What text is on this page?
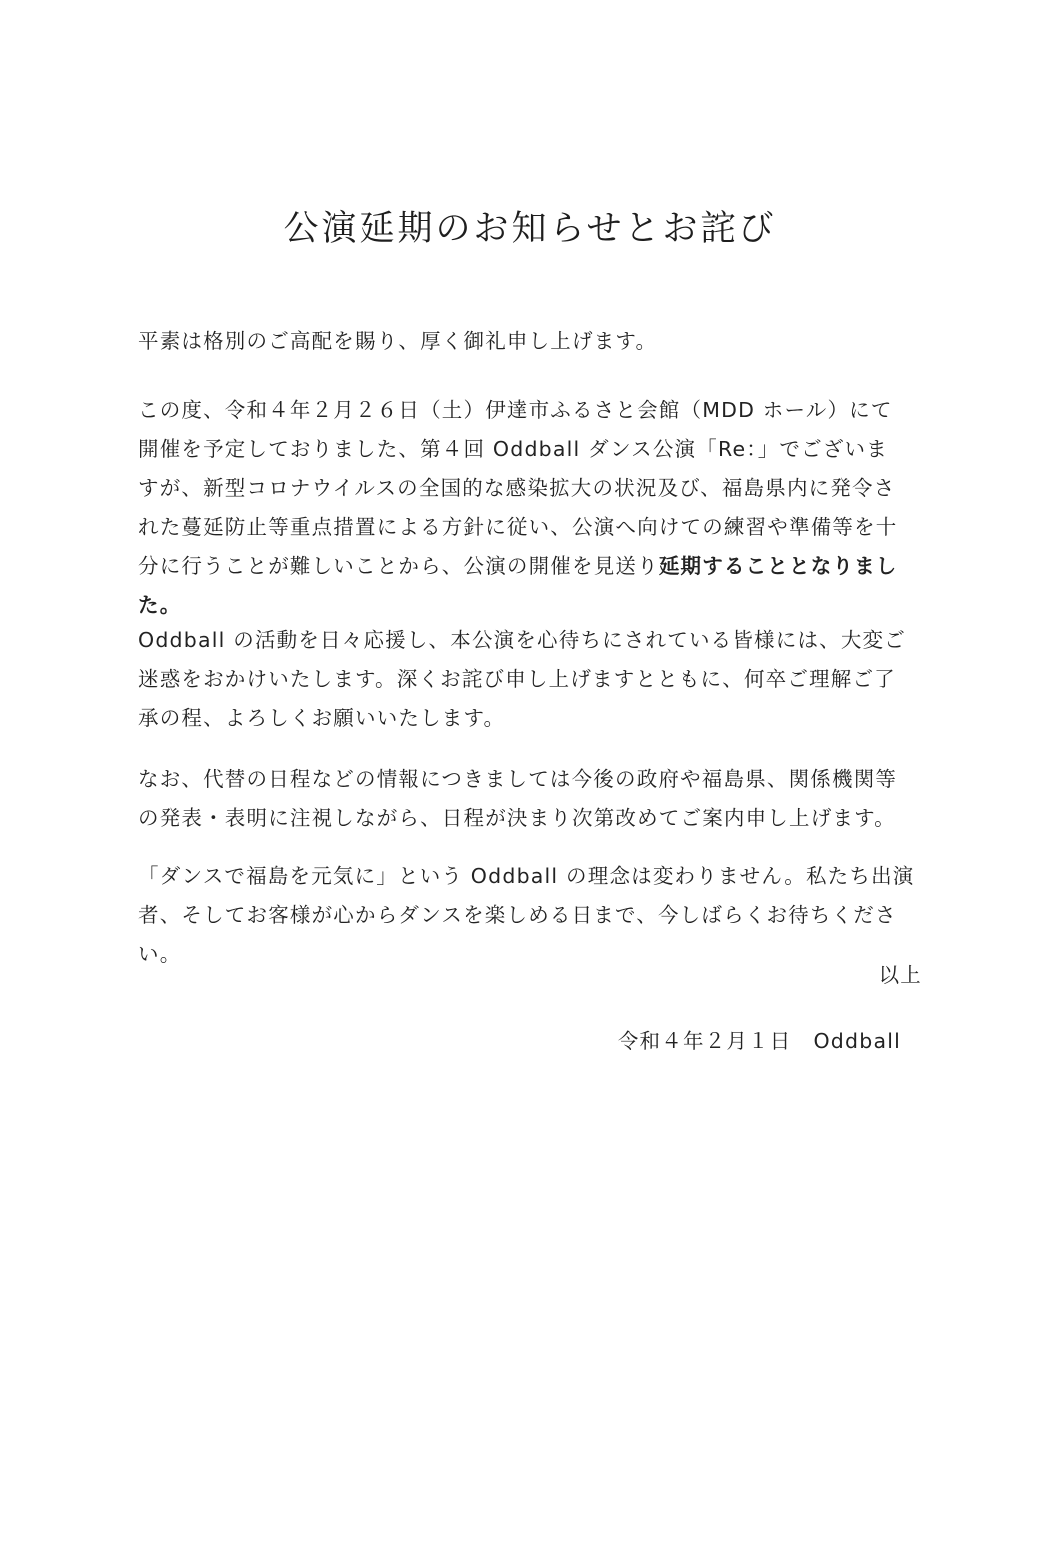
公演延期のお知らせとお詫び

平素は格別のご高配を賜り、厚く御礼申し上げます。

この度、令和４年２月２６日（土）伊達市ふるさと会館（MDD ホール）にて
開催を予定しておりました、第４回 Oddball ダンス公演「Re：」でございま
すが、新型コロナウイルスの全国的な感染拡大の状況及び、福島県内に発令さ
れた蔓延防止等重点措置による方針に従い、公演へ向けての練習や準備等を十
分に行うことが難しいことから、公演の開催を見送り延期することとなりまし
た。

Oddball の活動を日々応援し、本公演を心待ちにされている皆様には、大変ご
迷惑をおかけいたします。深くお詫び申し上げますとともに、何卒ご理解ご了
承の程、よろしくお願いいたします。

なお、代替の日程などの情報につきましては今後の政府や福島県、関係機関等
の発表・表明に注視しながら、日程が決まり次第改めてご案内申し上げます。

「ダンスで福島を元気に」という Oddball の理念は変わりません。私たち出演
者、そしてお客様が心からダンスを楽しめる日まで、今しばらくお待ちくださ
い。

以上
令和４年２月１日 Oddball
